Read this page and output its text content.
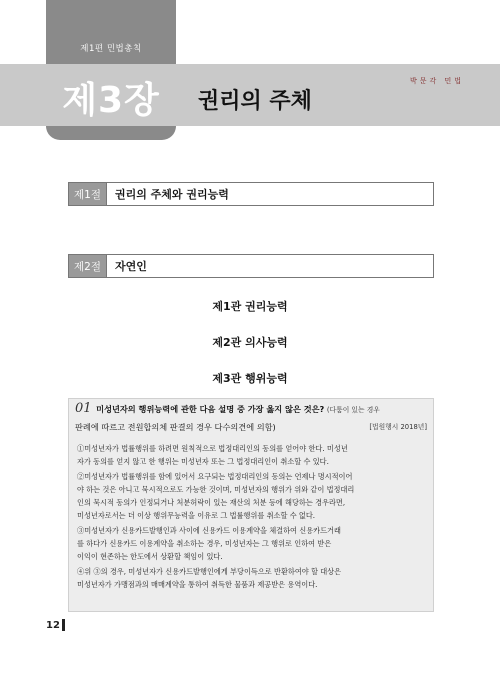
제1편 민법총칙
제3장	권리의 주체
박문각 민법
제1절	권리의 주체와 권리능력
제2절	자연인
제1관 권리능력
제2관 의사능력
제3관 행위능력
01 미성년자의 행위능력에 관한 다음 설명 중 가장 옳지 않은 것은? (다툼이 있는 경우
판례에 따르고 전원합의체 판결의 경우 다수의견에 의함)	[법원행시 2018년]
①미성년자가 법률행위를 하려면 원칙적으로 법정대리인의 동의를 얻어야 한다. 미성년
자가 동의를 얻지 않고 한 행위는 미성년자 또는 그 법정대리인이 취소할 수 있다.
②미성년자가 법률행위를 함에 있어서 요구되는 법정대리인의 동의는 언제나 명시적이어
야 하는 것은 아니고 묵시적으로도 가능한 것이며, 미성년자의 행위가 위와 같이 법정대리
인의 묵시적 동의가 인정되거나 처분허락이 있는 재산의 처분 등에 해당하는 경우라면,
미성년자로서는 더 이상 행위무능력을 이유로 그 법률행위를 취소할 수 없다.
③미성년자가 신용카드발행인과 사이에 신용카드 이용계약을 체결하여 신용카드거래
를 하다가 신용카드 이용계약을 취소하는 경우, 미성년자는 그 행위로 인하여 받은
이익이 현존하는 한도에서 상환할 책임이 있다.
④위 ③의 경우, 미성년자가 신용카드발행인에게 부당이득으로 반환하여야 할 대상은
미성년자가 가맹점과의 매매계약을 통하여 취득한 물품과 제공받은 용역이다.
12
